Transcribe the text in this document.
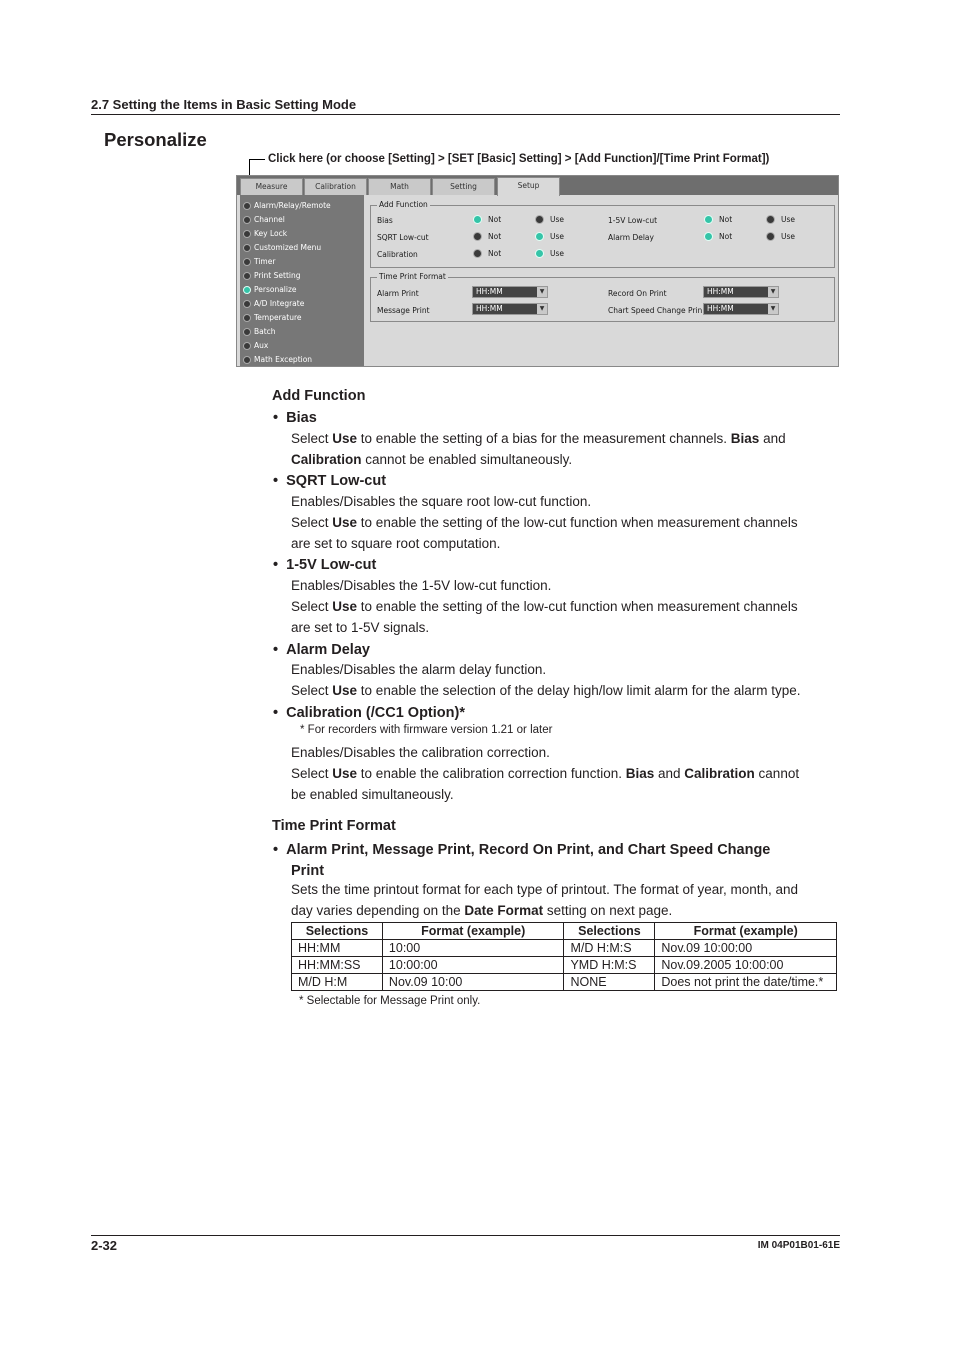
2.7 Setting the Items in Basic Setting Mode
Personalize
Click here (or choose [Setting] > [SET [Basic] Setting] > [Add Function]/[Time Print Format])
Measure	Calibration	Math	Setting	Setup
Alarm/Relay/Remote
Channel
Key Lock
Customized Menu
Timer
Print Setting
Personalize
A/D Integrate
Temperature
Batch
Aux
Math Exception
Add Function
Bias	Not	Use
SQRT Low-cut	Not	Use
Calibration	Not	Use
1-5V Low-cut	Not	Use
Alarm Delay	Not	Use
Time Print Format
Alarm Print	HH:MM	▼
Message Print	HH:MM	▼
Record On Print	HH:MM	▼
Chart Speed Change Prin HH:MM	▼
Add Function
•  Bias
Select Use to enable the setting of a bias for the measurement channels. Bias and
Calibration cannot be enabled simultaneously.
•  SQRT Low-cut
Enables/Disables the square root low-cut function.
Select Use to enable the setting of the low-cut function when measurement channels
are set to square root computation.
•  1-5V Low-cut
Enables/Disables the 1-5V low-cut function.
Select Use to enable the setting of the low-cut function when measurement channels
are set to 1-5V signals.
•  Alarm Delay
Enables/Disables the alarm delay function.
Select Use to enable the selection of the delay high/low limit alarm for the alarm type.
•  Calibration (/CC1 Option)*
* For recorders with firmware version 1.21 or later
Enables/Disables the calibration correction.
Select Use to enable the calibration correction function. Bias and Calibration cannot
be enabled simultaneously.
Time Print Format
•  Alarm Print, Message Print, Record On Print, and Chart Speed Change
Print
Sets the time printout format for each type of printout. The format of year, month, and
day varies depending on the Date Format setting on next page.
Selections	Format (example)	Selections	Format (example)
HH:MM	10:00	M/D H:M:S	Nov.09 10:00:00
HH:MM:SS	10:00:00	YMD H:M:S	Nov.09.2005 10:00:00
M/D H:M	Nov.09 10:00	NONE	Does not print the date/time.*
* Selectable for Message Print only.
2-32	IM 04P01B01-61E
